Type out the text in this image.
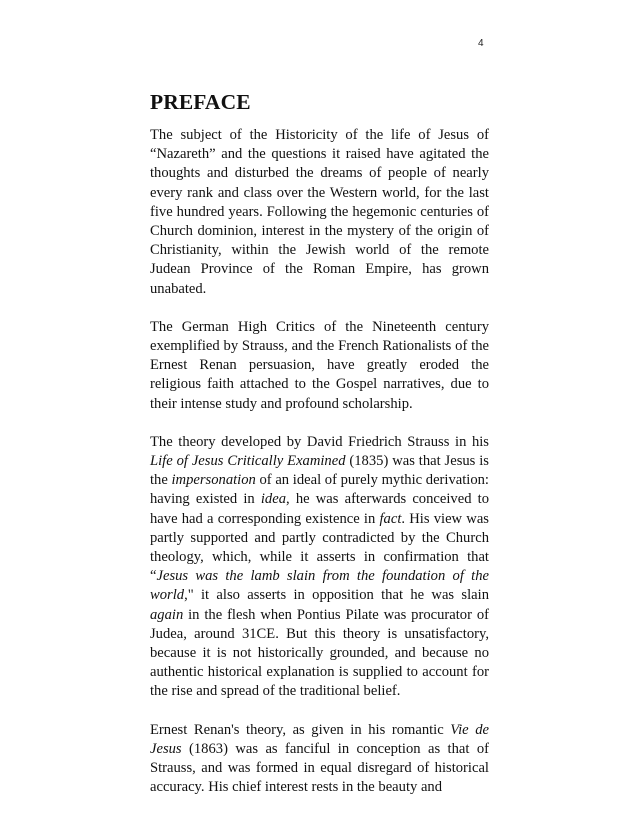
4
PREFACE

The subject of the Historicity of the life of Jesus of “Nazareth” and the questions it raised have agitated the thoughts and disturbed the dreams of people of nearly every rank and class over the Western world, for the last five hundred years. Following the hegemonic centuries of Church dominion, interest in the mystery of the origin of Christianity, within the Jewish world of the remote Judean Province of the Roman Empire, has grown unabated.

The German High Critics of the Nineteenth century exemplified by Strauss, and the French Rationalists of the Ernest Renan persuasion, have greatly eroded the religious faith attached to the Gospel narratives, due to their intense study and profound scholarship.

The theory developed by David Friedrich Strauss in his Life of Jesus Critically Examined (1835) was that Jesus is the impersonation of an ideal of purely mythic derivation: having existed in idea, he was afterwards conceived to have had a corresponding existence in fact. His view was partly supported and partly contradicted by the Church theology, which, while it asserts in confirmation that “Jesus was the lamb slain from the foundation of the world," it also asserts in opposition that he was slain again in the flesh when Pontius Pilate was procurator of Judea, around 31CE. But this theory is unsatisfactory, because it is not historically grounded, and because no authentic historical explanation is supplied to account for the rise and spread of the traditional belief.

Ernest Renan's theory, as given in his romantic Vie de Jesus (1863) was as fanciful in conception as that of Strauss, and was formed in equal disregard of historical accuracy. His chief interest rests in the beauty and
